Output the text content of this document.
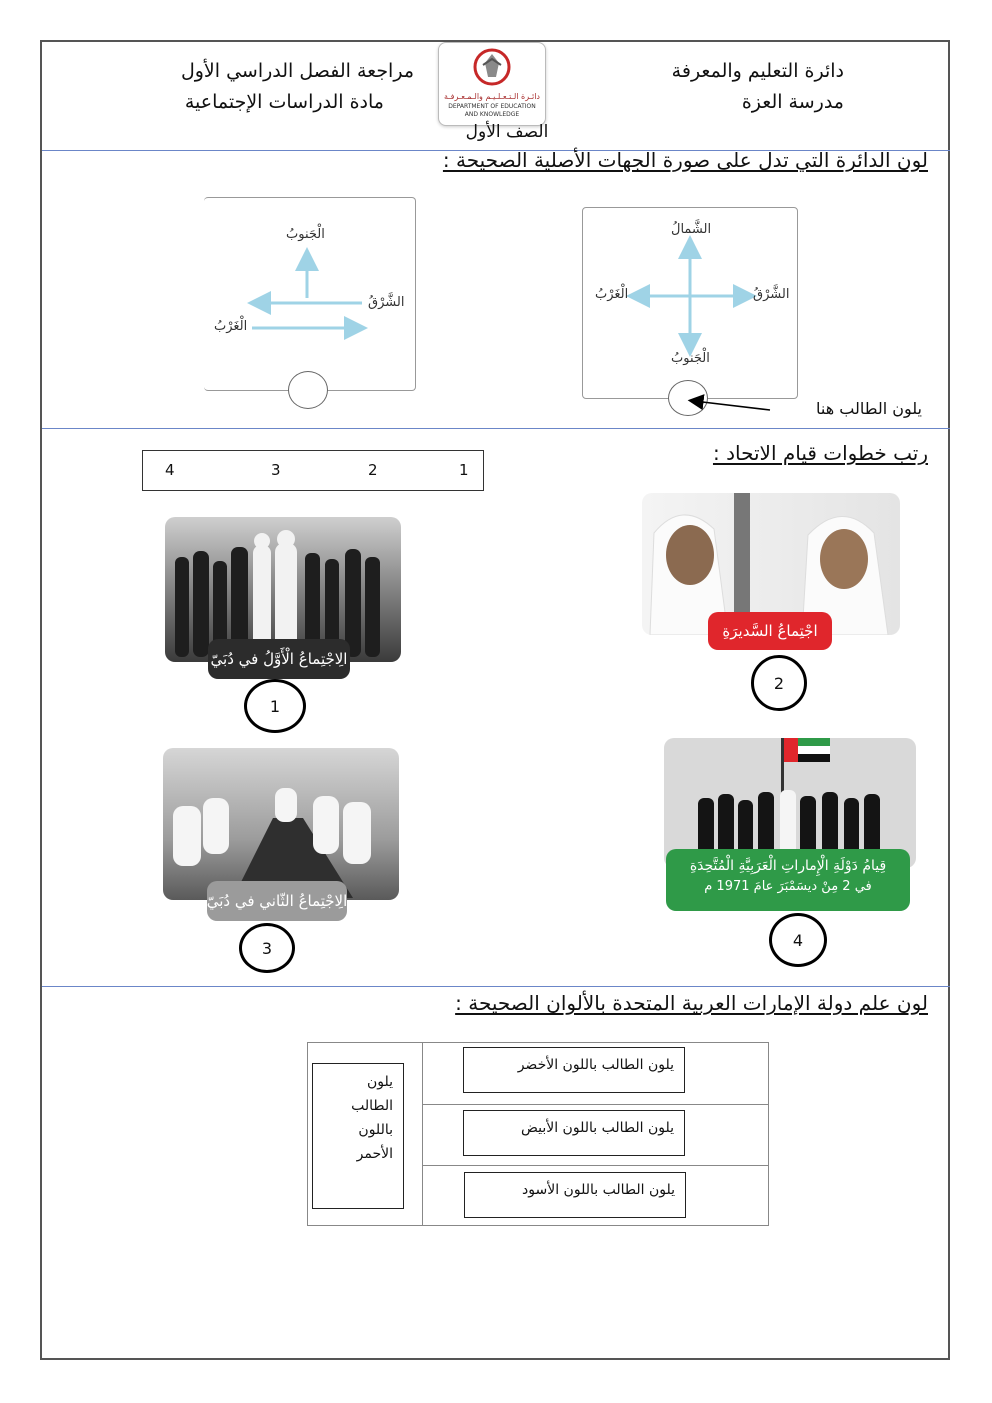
دائرة التعليم والمعرفة
مدرسة العزة
مراجعة الفصل الدراسي الأول
مادة الدراسات الإجتماعية	دائـرة الـتـعـلـيـم والـمـعـرفـة
DEPARTMENT OF EDUCATION
AND KNOWLEDGE
الصف الأول
لون الدائرة التي تدل على صورة الجهات الأصلية الصحيحة :
الْجَنوبُ
الشَّرْقُ
الْغَرْبُ
الشَّمالُ
الشَّرْقُ
الْغَرْبُ
الْجَنوبُ
يلون الطالب هنا
رتب خطوات قيام الاتحاد :
4	3	2	1
الِاجْتِماعُ الْأَوَّلُ في دُبَيّ
1
اجْتِماعُ السَّديرَةِ
2
الِاجْتِماعُ الثّاني في دُبَيّ
3
قِيامُ دَوْلَةِ الْإِماراتِ الْعَرَبِيَّةِ الْمُتَّحِدَةِ
في 2 مِنْ ديسَمْبَرَ عامَ 1971 م
4
لون علم دولة الإمارات العربية المتحدة بالألوان الصحيحة :
يلون
الطالب
باللون
الأحمر
يلون الطالب باللون الأخضر
يلون الطالب باللون الأبيض
يلون الطالب باللون الأسود
